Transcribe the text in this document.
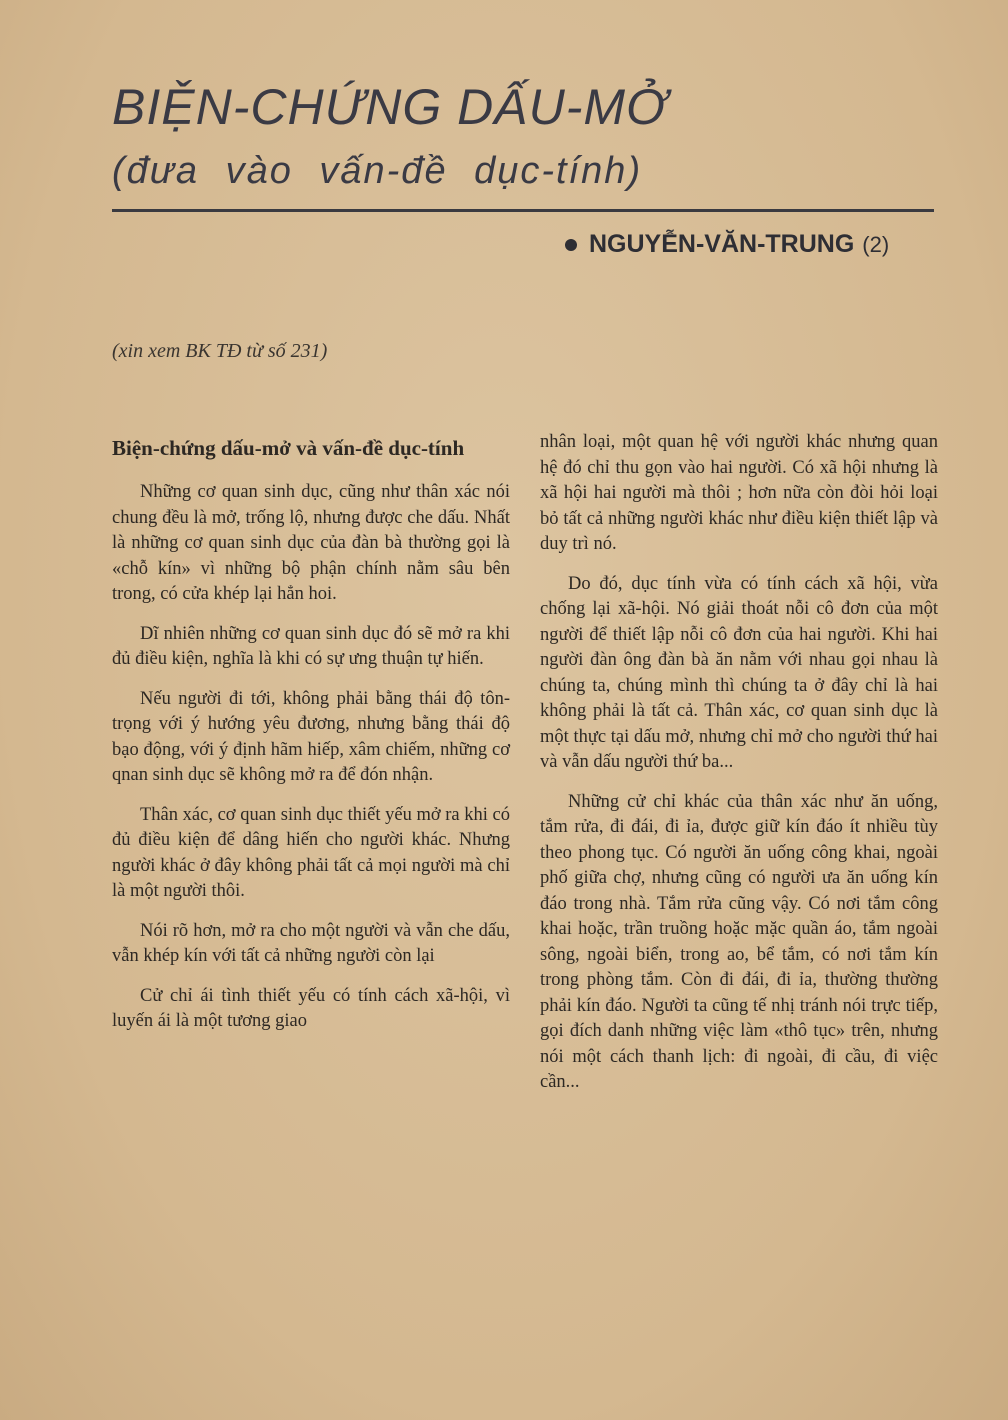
BIỆN-CHỨNG DẤU-MỞ
(đưa vào vấn-đề dục-tính)
NGUYỄN-VĂN-TRUNG (2)
(xin xem BK TĐ từ số 231)
Biện-chứng dấu-mở và vấn-đề dục-tính

Những cơ quan sinh dục, cũng như thân xác nói chung đều là mở, trống lộ, nhưng được che dấu. Nhất là những cơ quan sinh dục của đàn bà thường gọi là «chỗ kín» vì những bộ phận chính nằm sâu bên trong, có cửa khép lại hẳn hoi.

Dĩ nhiên những cơ quan sinh dục đó sẽ mở ra khi đủ điều kiện, nghĩa là khi có sự ưng thuận tự hiến.

Nếu người đi tới, không phải bằng thái độ tôn-trọng với ý hướng yêu đương, nhưng bằng thái độ bạo động, với ý định hãm hiếp, xâm chiếm, những cơ qnan sinh dục sẽ không mở ra để đón nhận.

Thân xác, cơ quan sinh dục thiết yếu mở ra khi có đủ điều kiện để dâng hiến cho người khác. Nhưng người khác ở đây không phải tất cả mọi người mà chỉ là một người thôi.

Nói rõ hơn, mở ra cho một người và vẫn che dấu, vẫn khép kín với tất cả những người còn lại

Cử chỉ ái tình thiết yếu có tính cách xã-hội, vì luyến ái là một tương giao

nhân loại, một quan hệ với người khác nhưng quan hệ đó chỉ thu gọn vào hai người. Có xã hội nhưng là xã hội hai người mà thôi ; hơn nữa còn đòi hỏi loại bỏ tất cả những người khác như điều kiện thiết lập và duy trì nó.

Do đó, dục tính vừa có tính cách xã hội, vừa chống lại xã-hội. Nó giải thoát nỗi cô đơn của một người để thiết lập nỗi cô đơn của hai người. Khi hai người đàn ông đàn bà ăn nằm với nhau gọi nhau là chúng ta, chúng mình thì chúng ta ở đây chỉ là hai không phải là tất cả. Thân xác, cơ quan sinh dục là một thực tại dấu mở, nhưng chỉ mở cho người thứ hai và vẫn dấu người thứ ba...

Những cử chỉ khác của thân xác như ăn uống, tắm rửa, đi đái, đi ỉa, được giữ kín đáo ít nhiều tùy theo phong tục. Có người ăn uống công khai, ngoài phố giữa chợ, nhưng cũng có người ưa ăn uống kín đáo trong nhà. Tắm rửa cũng vậy. Có nơi tắm công khai hoặc, trần truồng hoặc mặc quần áo, tắm ngoài sông, ngoài biển, trong ao, bể tắm, có nơi tắm kín trong phòng tắm. Còn đi đái, đi ỉa, thường thường phải kín đáo. Người ta cũng tế nhị tránh nói trực tiếp, gọi đích danh những việc làm «thô tục» trên, nhưng nói một cách thanh lịch: đi ngoài, đi cầu, đi việc cần...
